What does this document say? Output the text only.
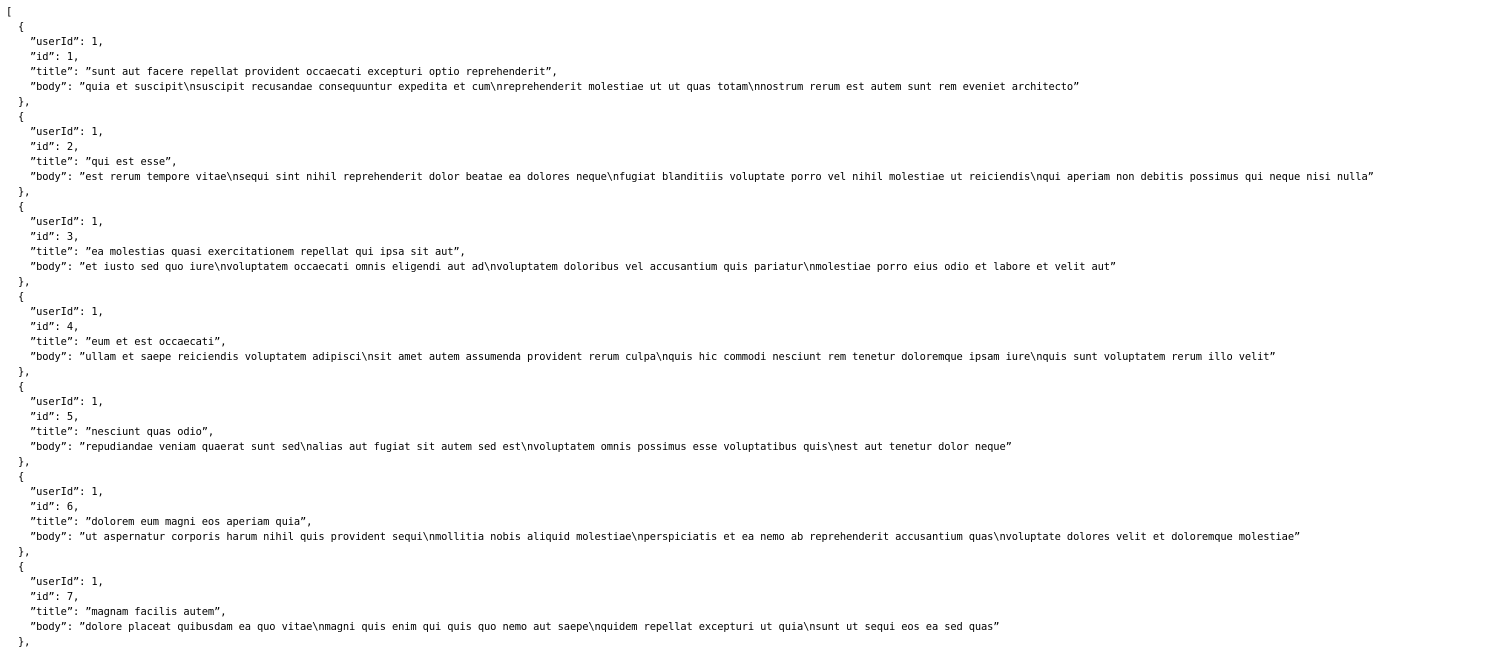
[
{
”userId”: 1,
”id”: 1,
”title”: ”sunt aut facere repellat provident occaecati excepturi optio reprehenderit”,
”body”: ”quia et suscipit\nsuscipit recusandae consequuntur expedita et cum\nreprehenderit molestiae ut ut quas totam\nnostrum rerum est autem sunt rem eveniet architecto”
},
{
”userId”: 1,
”id”: 2,
”title”: ”qui est esse”,
”body”: ”est rerum tempore vitae\nsequi sint nihil reprehenderit dolor beatae ea dolores neque\nfugiat blanditiis voluptate porro vel nihil molestiae ut reiciendis\nqui aperiam non debitis possimus qui neque nisi nulla”
},
{
”userId”: 1,
”id”: 3,
”title”: ”ea molestias quasi exercitationem repellat qui ipsa sit aut”,
”body”: ”et iusto sed quo iure\nvoluptatem occaecati omnis eligendi aut ad\nvoluptatem doloribus vel accusantium quis pariatur\nmolestiae porro eius odio et labore et velit aut”
},
{
”userId”: 1,
”id”: 4,
”title”: ”eum et est occaecati”,
”body”: ”ullam et saepe reiciendis voluptatem adipisci\nsit amet autem assumenda provident rerum culpa\nquis hic commodi nesciunt rem tenetur doloremque ipsam iure\nquis sunt voluptatem rerum illo velit”
},
{
”userId”: 1,
”id”: 5,
”title”: ”nesciunt quas odio”,
”body”: ”repudiandae veniam quaerat sunt sed\nalias aut fugiat sit autem sed est\nvoluptatem omnis possimus esse voluptatibus quis\nest aut tenetur dolor neque”
},
{
”userId”: 1,
”id”: 6,
”title”: ”dolorem eum magni eos aperiam quia”,
”body”: ”ut aspernatur corporis harum nihil quis provident sequi\nmollitia nobis aliquid molestiae\nperspiciatis et ea nemo ab reprehenderit accusantium quas\nvoluptate dolores velit et doloremque molestiae”
},
{
”userId”: 1,
”id”: 7,
”title”: ”magnam facilis autem”,
”body”: ”dolore placeat quibusdam ea quo vitae\nmagni quis enim qui quis quo nemo aut saepe\nquidem repellat excepturi ut quia\nsunt ut sequi eos ea sed quas”
},
